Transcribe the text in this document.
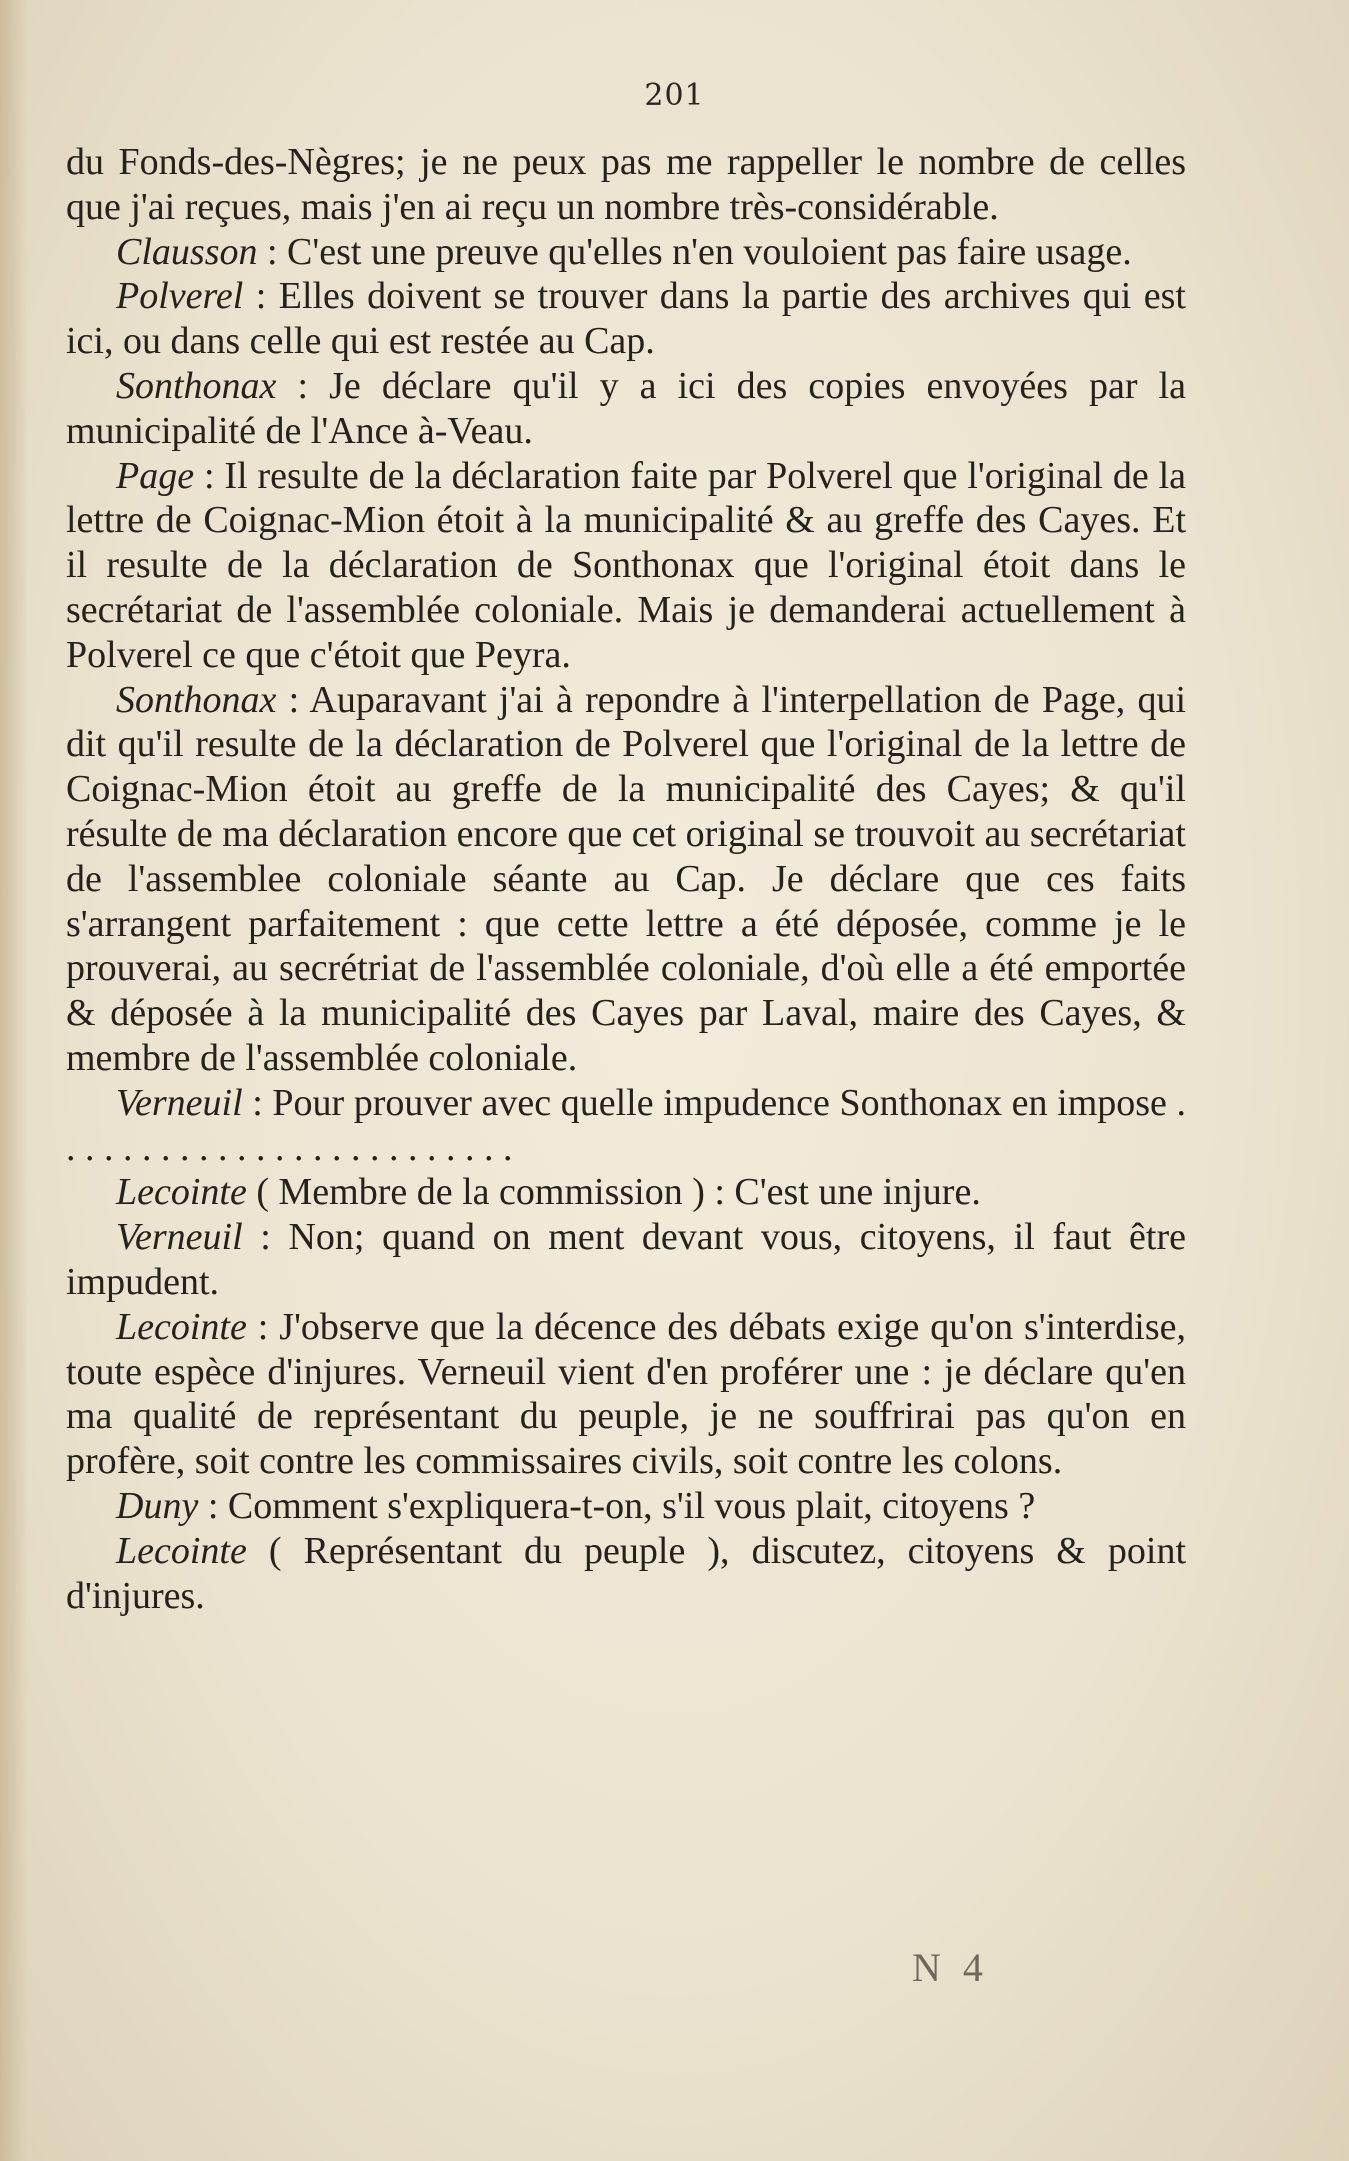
201

du Fonds-des-Nègres; je ne peux pas me rappeller le nombre de celles que j'ai reçues, mais j'en ai reçu un nombre très-considérable.

Clausson : C'est une preuve qu'elles n'en vouloient pas faire usage.

Polverel : Elles doivent se trouver dans la partie des archives qui est ici, ou dans celle qui est restée au Cap.

Sonthonax : Je déclare qu'il y a ici des copies envoyées par la municipalité de l'Ance à-Veau.

Page : Il resulte de la déclaration faite par Polverel que l'original de la lettre de Coignac-Mion étoit à la municipalité & au greffe des Cayes. Et il resulte de la déclaration de Sonthonax que l'original étoit dans le secrétariat de l'assemblée coloniale. Mais je demanderai actuellement à Polverel ce que c'étoit que Peyra.

Sonthonax : Auparavant j'ai à repondre à l'interpellation de Page, qui dit qu'il resulte de la déclaration de Polverel que l'original de la lettre de Coignac-Mion étoit au greffe de la municipalité des Cayes; & qu'il résulte de ma déclaration encore que cet original se trouvoit au secrétariat de l'assemblee coloniale séante au Cap. Je déclare que ces faits s'arrangent parfaitement : que cette lettre a été déposée, comme je le prouverai, au secrétriat de l'assemblée coloniale, d'où elle a été emportée & déposée à la municipalité des Cayes par Laval, maire des Cayes, & membre de l'assemblée coloniale.

Verneuil : Pour prouver avec quelle impudence Sonthonax en impose . . . . . . . . . . . . . . . . . . . . . . . . .

Lecointe ( Membre de la commission ) : C'est une injure.

Verneuil : Non; quand on ment devant vous, citoyens, il faut être impudent.

Lecointe : J'observe que la décence des débats exige qu'on s'interdise, toute espèce d'injures. Verneuil vient d'en proférer une : je déclare qu'en ma qualité de représentant du peuple, je ne souffrirai pas qu'on en profère, soit contre les commissaires civils, soit contre les colons.

Duny : Comment s'expliquera-t-on, s'il vous plait, citoyens ?

Lecointe ( Représentant du peuple ), discutez, citoyens & point d'injures.

N 4
